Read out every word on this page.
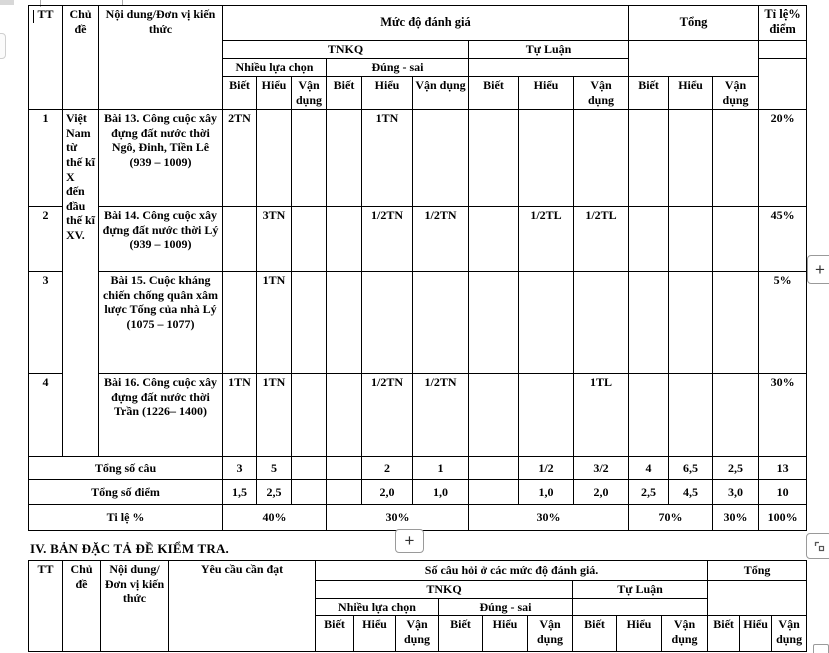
TT	Chủ đề	Nội dung/Đơn vị kiến thức	Mức độ đánh giá									Tổng			Tỉ lệ% điểm
			TNKQ						Tự Luận						
			Nhiều lựa chọn			Đúng - sai									
			Biết	Hiểu	Vận dụng	Biết	Hiểu	Vận dụng	Biết	Hiểu	Vận dụng	Biết	Hiểu	Vận dụng	
1	Việt Nam từ thế kĩ X đến đầu thế kĩ XV.	Bài 13. Công cuộc xây đựng đất nước thời Ngô, Đinh, Tiền Lê (939 – 1009)	2TN				1TN								20%
2		Bài 14. Công cuộc xây đựng đất nước thời Lý (939 – 1009)		3TN			1/2TN	1/2TN		1/2TL	1/2TL				45%
3		Bài 15. Cuộc kháng chiến chống quân xâm lược Tống của nhà Lý (1075 – 1077)		1TN											5%
4		Bài 16. Công cuộc xây đựng đất nước thời Trần (1226– 1400)	1TN	1TN			1/2TN	1/2TN			1TL				30%
Tổng số câu			3	5			2	1		1/2	3/2	4	6,5	2,5	13
Tổng số điểm			1,5	2,5			2,0	1,0		1,0	2,0	2,5	4,5	3,0	10
Ti lệ %			40%			30%			30%			70%		30%	100%
+
+
IV. BẢN ĐẶC TẢ ĐỀ KIỂM TRA.
TT	Chủ đề	Nội dung/Đơn vị kiến thức	Yêu cầu cần đạt	Số câu hỏi ở các mức độ đánh giá.									Tổng		
				TNKQ						Tự Luận					
				Nhiều lựa chọn			Đúng - sai								
				Biết	Hiểu	Vận dụng	Biết	Hiểu	Vận dụng	Biết	Hiểu	Vận dụng	Biết	Hiểu	Vận dụng
